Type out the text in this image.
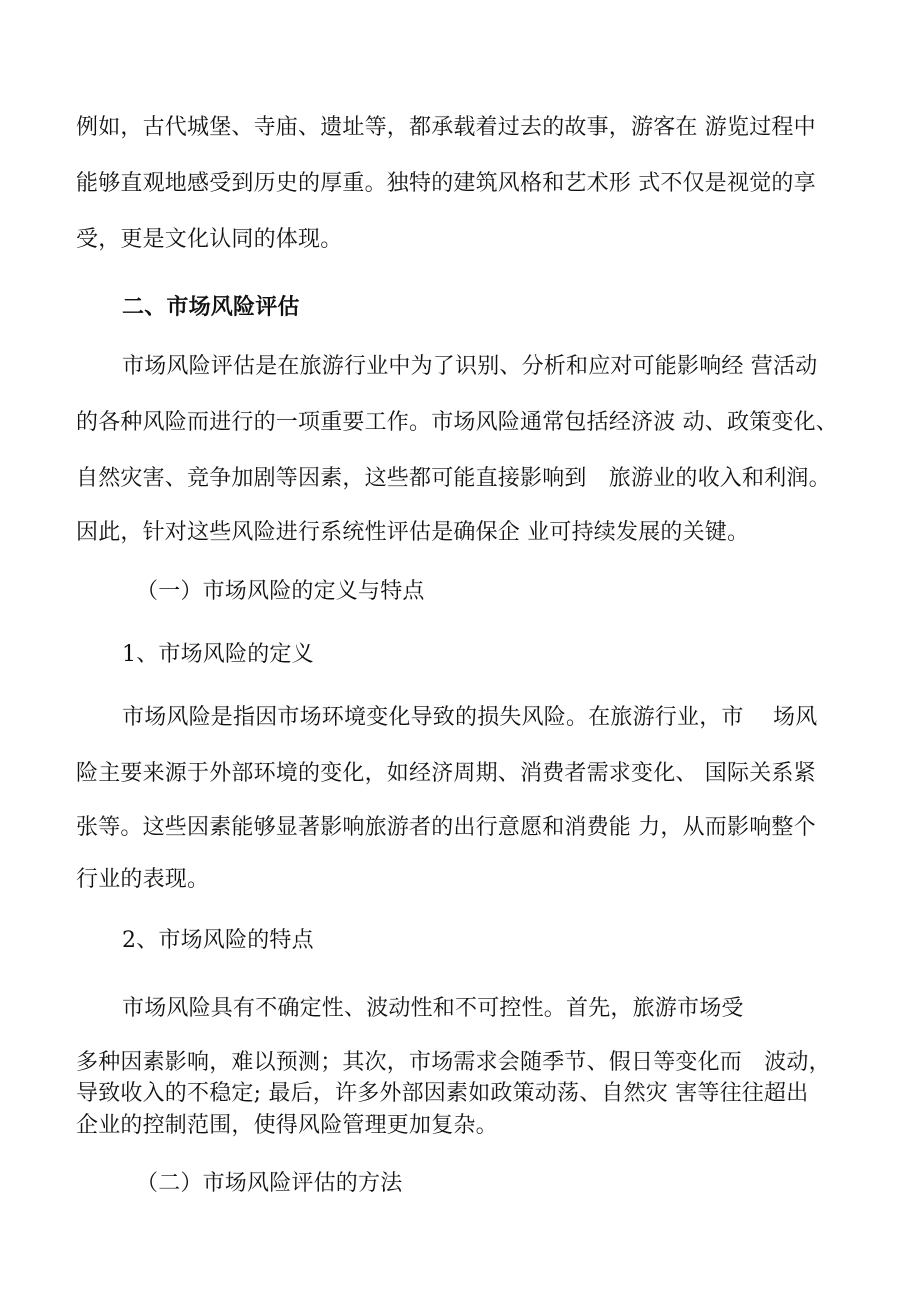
例如，古代城堡、寺庙、遗址等，都承载着过去的故事，游客在 游览过程中
能够直观地感受到历史的厚重。独特的建筑风格和艺术形 式不仅是视觉的享
受，更是文化认同的体现。
二、市场风险评估
市场风险评估是在旅游行业中为了识别、分析和应对可能影响经 营活动
的各种风险而进行的一项重要工作。市场风险通常包括经济波 动、政策变化、
自然灾害、竞争加剧等因素，这些都可能直接影响到　旅游业的收入和利润。
因此，针对这些风险进行系统性评估是确保企 业可持续发展的关键。
（一）市场风险的定义与特点
1、市场风险的定义
市场风险是指因市场环境变化导致的损失风险。在旅游行业，市　 场风
险主要来源于外部环境的变化，如经济周期、消费者需求变化、 国际关系紧
张等。这些因素能够显著影响旅游者的出行意愿和消费能 力，从而影响整个
行业的表现。
2、市场风险的特点
市场风险具有不确定性、波动性和不可控性。首先，旅游市场受
多种因素影响，难以预测；其次，市场需求会随季节、假日等变化而　波动，
导致收入的不稳定; 最后，许多外部因素如政策动荡、自然灾 害等往往超出
企业的控制范围，使得风险管理更加复杂。
（二）市场风险评估的方法
